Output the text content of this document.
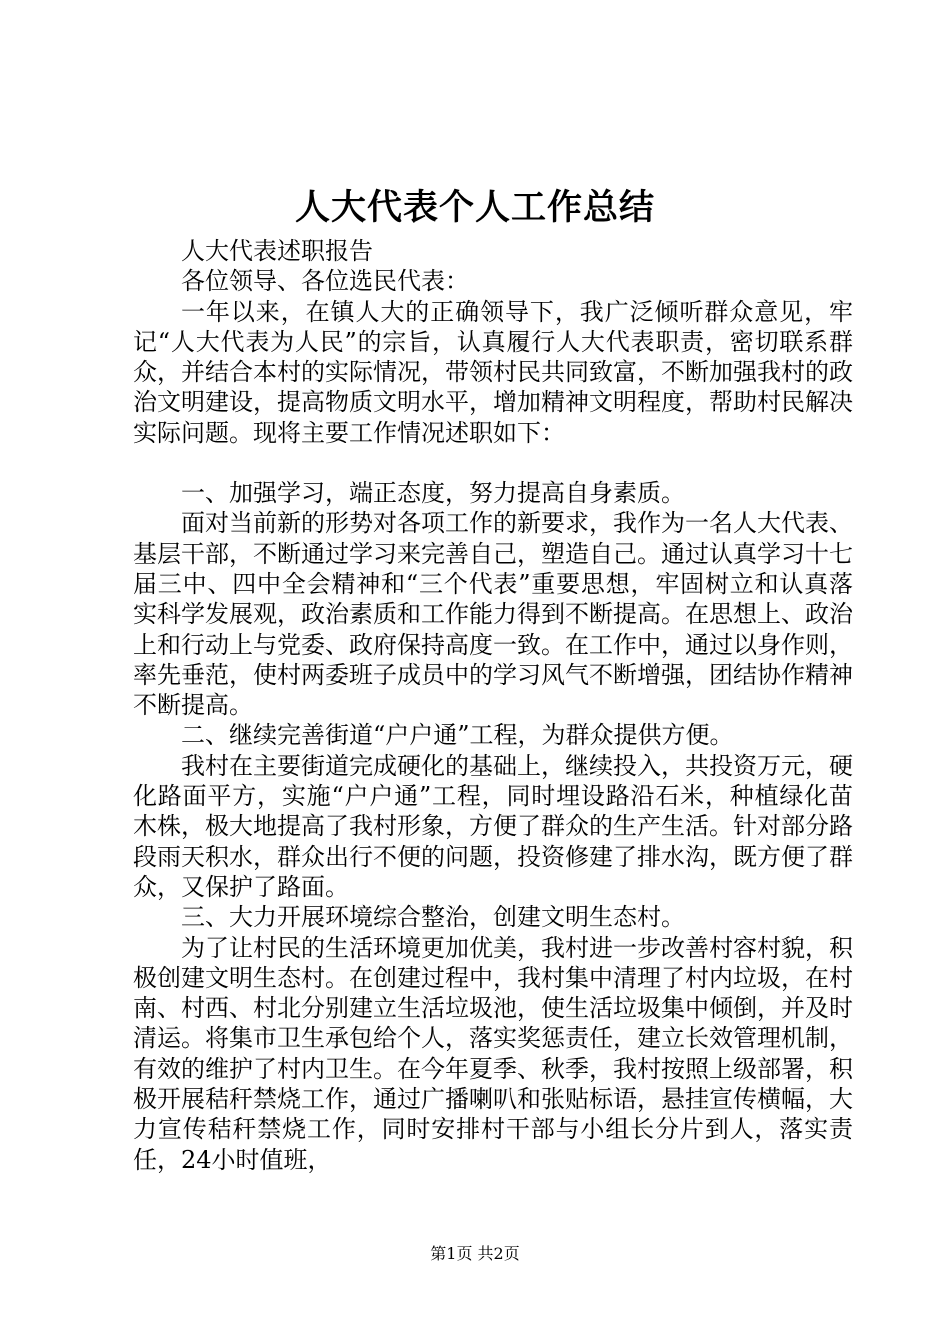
人大代表个人工作总结

人大代表述职报告

各位领导、各位选民代表：

一年以来，在镇人大的正确领导下，我广泛倾听群众意见，牢记“人大代表为人民”的宗旨，认真履行人大代表职责，密切联系群众，并结合本村的实际情况，带领村民共同致富，不断加强我村的政治文明建设，提高物质文明水平，增加精神文明程度，帮助村民解决实际问题。现将主要工作情况述职如下：

一、加强学习，端正态度，努力提高自身素质。

面对当前新的形势对各项工作的新要求，我作为一名人大代表、基层干部，不断通过学习来完善自己，塑造自己。通过认真学习十七届三中、四中全会精神和“三个代表”重要思想，牢固树立和认真落实科学发展观，政治素质和工作能力得到不断提高。在思想上、政治上和行动上与党委、政府保持高度一致。在工作中，通过以身作则，率先垂范，使村两委班子成员中的学习风气不断增强，团结协作精神不断提高。

二、继续完善街道“户户通”工程，为群众提供方便。

我村在主要街道完成硬化的基础上，继续投入，共投资万元，硬化路面平方，实施“户户通”工程，同时埋设路沿石米，种植绿化苗木株，极大地提高了我村形象，方便了群众的生产生活。针对部分路段雨天积水，群众出行不便的问题，投资修建了排水沟，既方便了群众，又保护了路面。

三、大力开展环境综合整治，创建文明生态村。

为了让村民的生活环境更加优美，我村进一步改善村容村貌，积极创建文明生态村。在创建过程中，我村集中清理了村内垃圾，在村南、村西、村北分别建立生活垃圾池，使生活垃圾集中倾倒，并及时清运。将集市卫生承包给个人，落实奖惩责任，建立长效管理机制，有效的维护了村内卫生。在今年夏季、秋季，我村按照上级部署，积极开展秸秆禁烧工作，通过广播喇叭和张贴标语，悬挂宣传横幅，大力宣传秸秆禁烧工作，同时安排村干部与小组长分片到人，落实责任，24小时值班，

第1页 共2页
